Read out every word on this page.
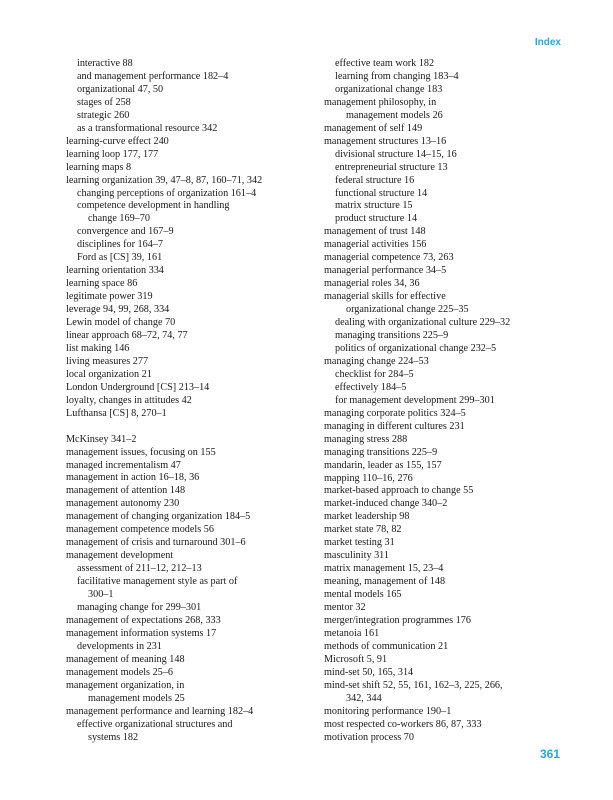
Index
interactive 88
and management performance 182–4
organizational 47, 50
stages of 258
strategic 260
as a transformational resource 342
learning-curve effect 240
learning loop 177, 177
learning maps 8
learning organization 39, 47–8, 87, 160–71, 342
changing perceptions of organization 161–4
competence development in handling
change 169–70
convergence and 167–9
disciplines for 164–7
Ford as [CS] 39, 161
learning orientation 334
learning space 86
legitimate power 319
leverage 94, 99, 268, 334
Lewin model of change 70
linear approach 68–72, 74, 77
list making 146
living measures 277
local organization 21
London Underground [CS] 213–14
loyalty, changes in attitudes 42
Lufthansa [CS] 8, 270–1
McKinsey 341–2
management issues, focusing on 155
managed incrementalism 47
management in action 16–18, 36
management of attention 148
management autonomy 230
management of changing organization 184–5
management competence models 56
management of crisis and turnaround 301–6
management development
assessment of 211–12, 212–13
facilitative management style as part of
300–1
managing change for 299–301
management of expectations 268, 333
management information systems 17
developments in 231
management of meaning 148
management models 25–6
management organization, in
management models 25
management performance and learning 182–4
effective organizational structures and
systems 182
effective team work 182
learning from changing 183–4
organizational change 183
management philosophy, in
management models 26
management of self 149
management structures 13–16
divisional structure 14–15, 16
entrepreneurial structure 13
federal structure 16
functional structure 14
matrix structure 15
product structure 14
management of trust 148
managerial activities 156
managerial competence 73, 263
managerial performance 34–5
managerial roles 34, 36
managerial skills for effective
organizational change 225–35
dealing with organizational culture 229–32
managing transitions 225–9
politics of organizational change 232–5
managing change 224–53
checklist for 284–5
effectively 184–5
for management development 299–301
managing corporate politics 324–5
managing in different cultures 231
managing stress 288
managing transitions 225–9
mandarin, leader as 155, 157
mapping 110–16, 276
market-based approach to change 55
market-induced change 340–2
market leadership 98
market state 78, 82
market testing 31
masculinity 311
matrix management 15, 23–4
meaning, management of 148
mental models 165
mentor 32
merger/integration programmes 176
metanoia 161
methods of communication 21
Microsoft 5, 91
mind-set 50, 165, 314
mind-set shift 52, 55, 161, 162–3, 225, 266,
342, 344
monitoring performance 190–1
most respected co-workers 86, 87, 333
motivation process 70
361
